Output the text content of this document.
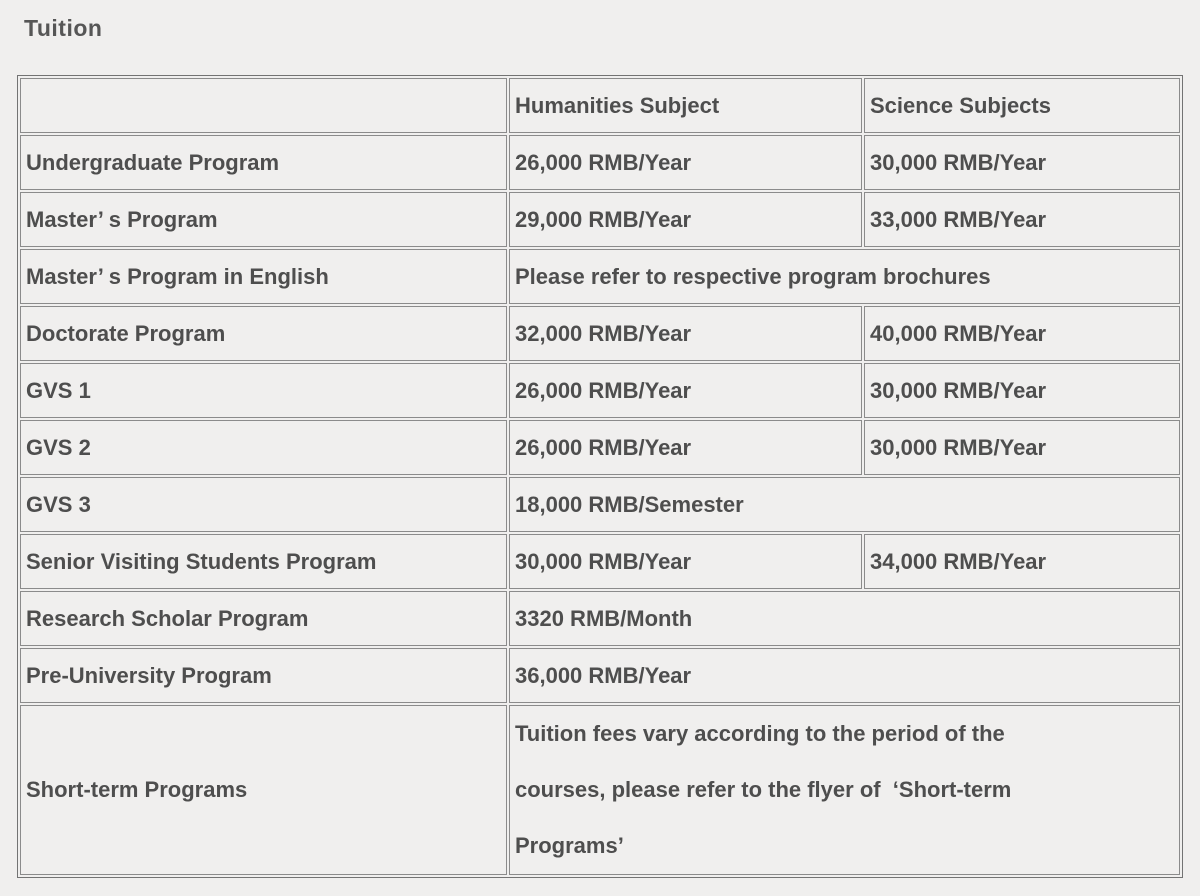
Tuition
	Humanities Subject	Science Subjects
Undergraduate Program	26,000 RMB/Year	30,000 RMB/Year
Master’ s Program	29,000 RMB/Year	33,000 RMB/Year
Master’ s Program in English	Please refer to respective program brochures	
Doctorate Program	32,000 RMB/Year	40,000 RMB/Year
GVS 1	26,000 RMB/Year	30,000 RMB/Year
GVS 2	26,000 RMB/Year	30,000 RMB/Year
GVS 3	18,000 RMB/Semester	
Senior Visiting Students Program	30,000 RMB/Year	34,000 RMB/Year
Research Scholar Program	3320 RMB/Month	
Pre-University Program	36,000 RMB/Year	
Short-term Programs	Tuition fees vary according to the period of the
courses, please refer to the flyer of  ‘Short-term
Programs’	
